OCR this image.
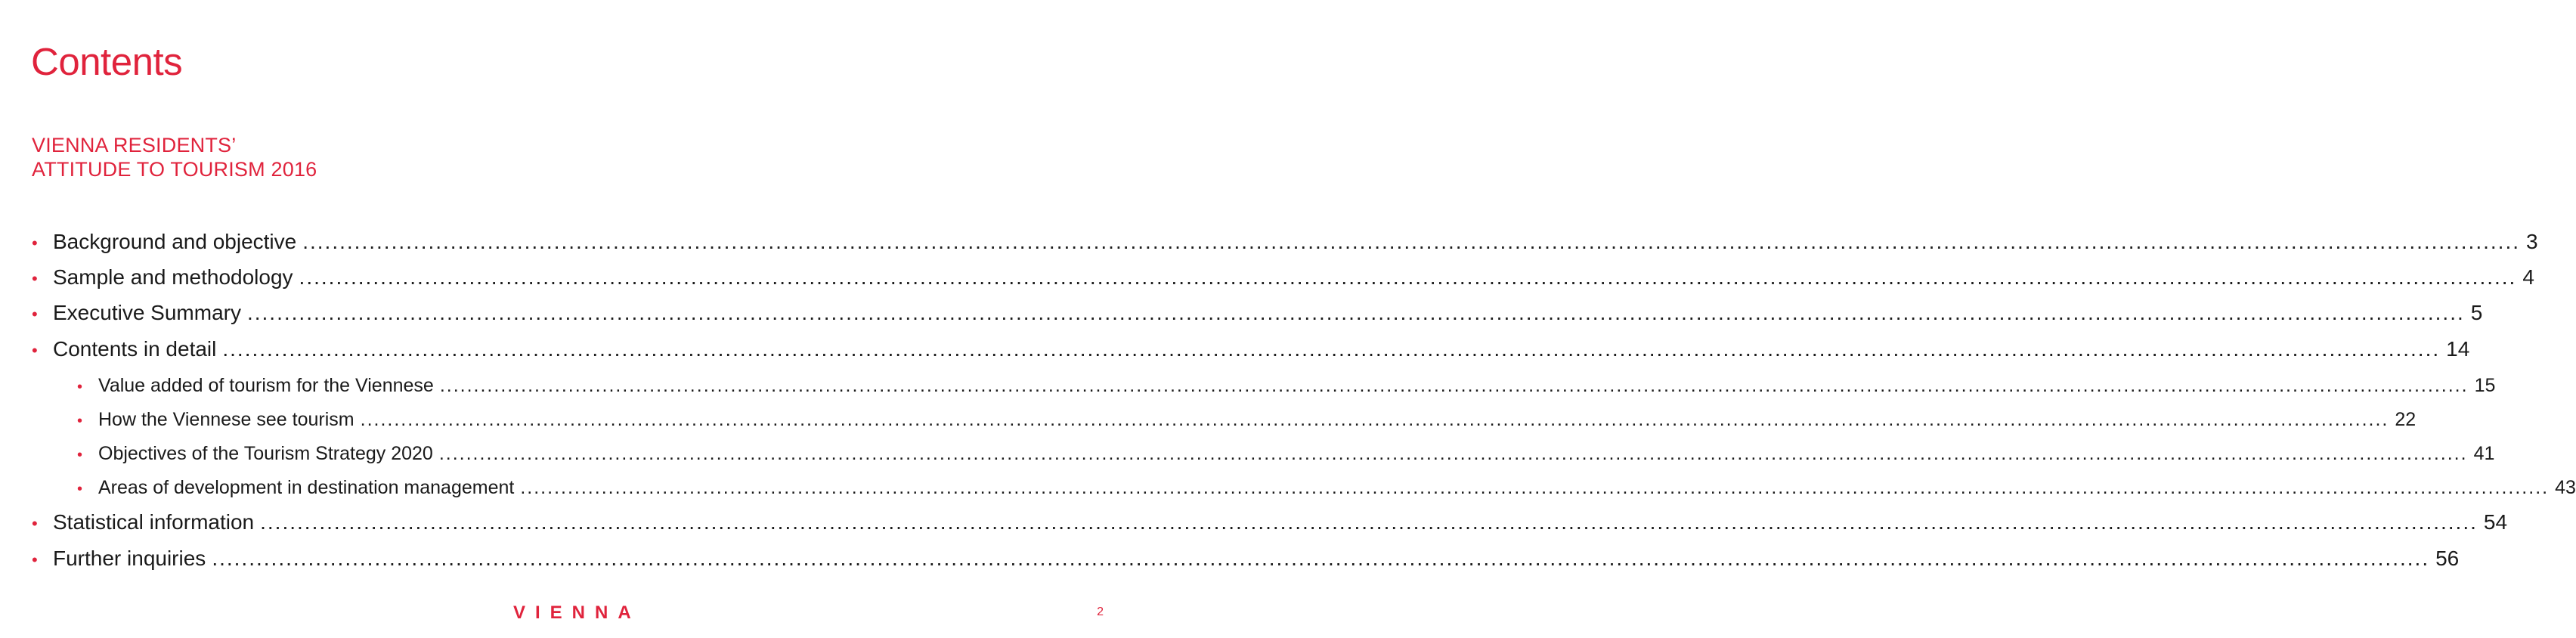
Contents
VIENNA RESIDENTS’
ATTITUDE TO TOURISM 2016
• Background and objective ............................................................................................................................................................................................................................................................................................................ 3
• Sample and methodology ............................................................................................................................................................................................................................................................................................................ 4
• Executive Summary ............................................................................................................................................................................................................................................................................................................ 5
• Contents in detail ............................................................................................................................................................................................................................................................................................................ 14
• Value added of tourism for the Viennese ............................................................................................................................................................................................................................................................................................................ 15
• How the Viennese see tourism ............................................................................................................................................................................................................................................................................................................ 22
• Objectives of the Tourism Strategy 2020 ............................................................................................................................................................................................................................................................................................................ 41
• Areas of development in destination management ............................................................................................................................................................................................................................................................................................................ 43
• Statistical information ............................................................................................................................................................................................................................................................................................................ 54
• Further inquiries ............................................................................................................................................................................................................................................................................................................ 56
VIENNA	2
